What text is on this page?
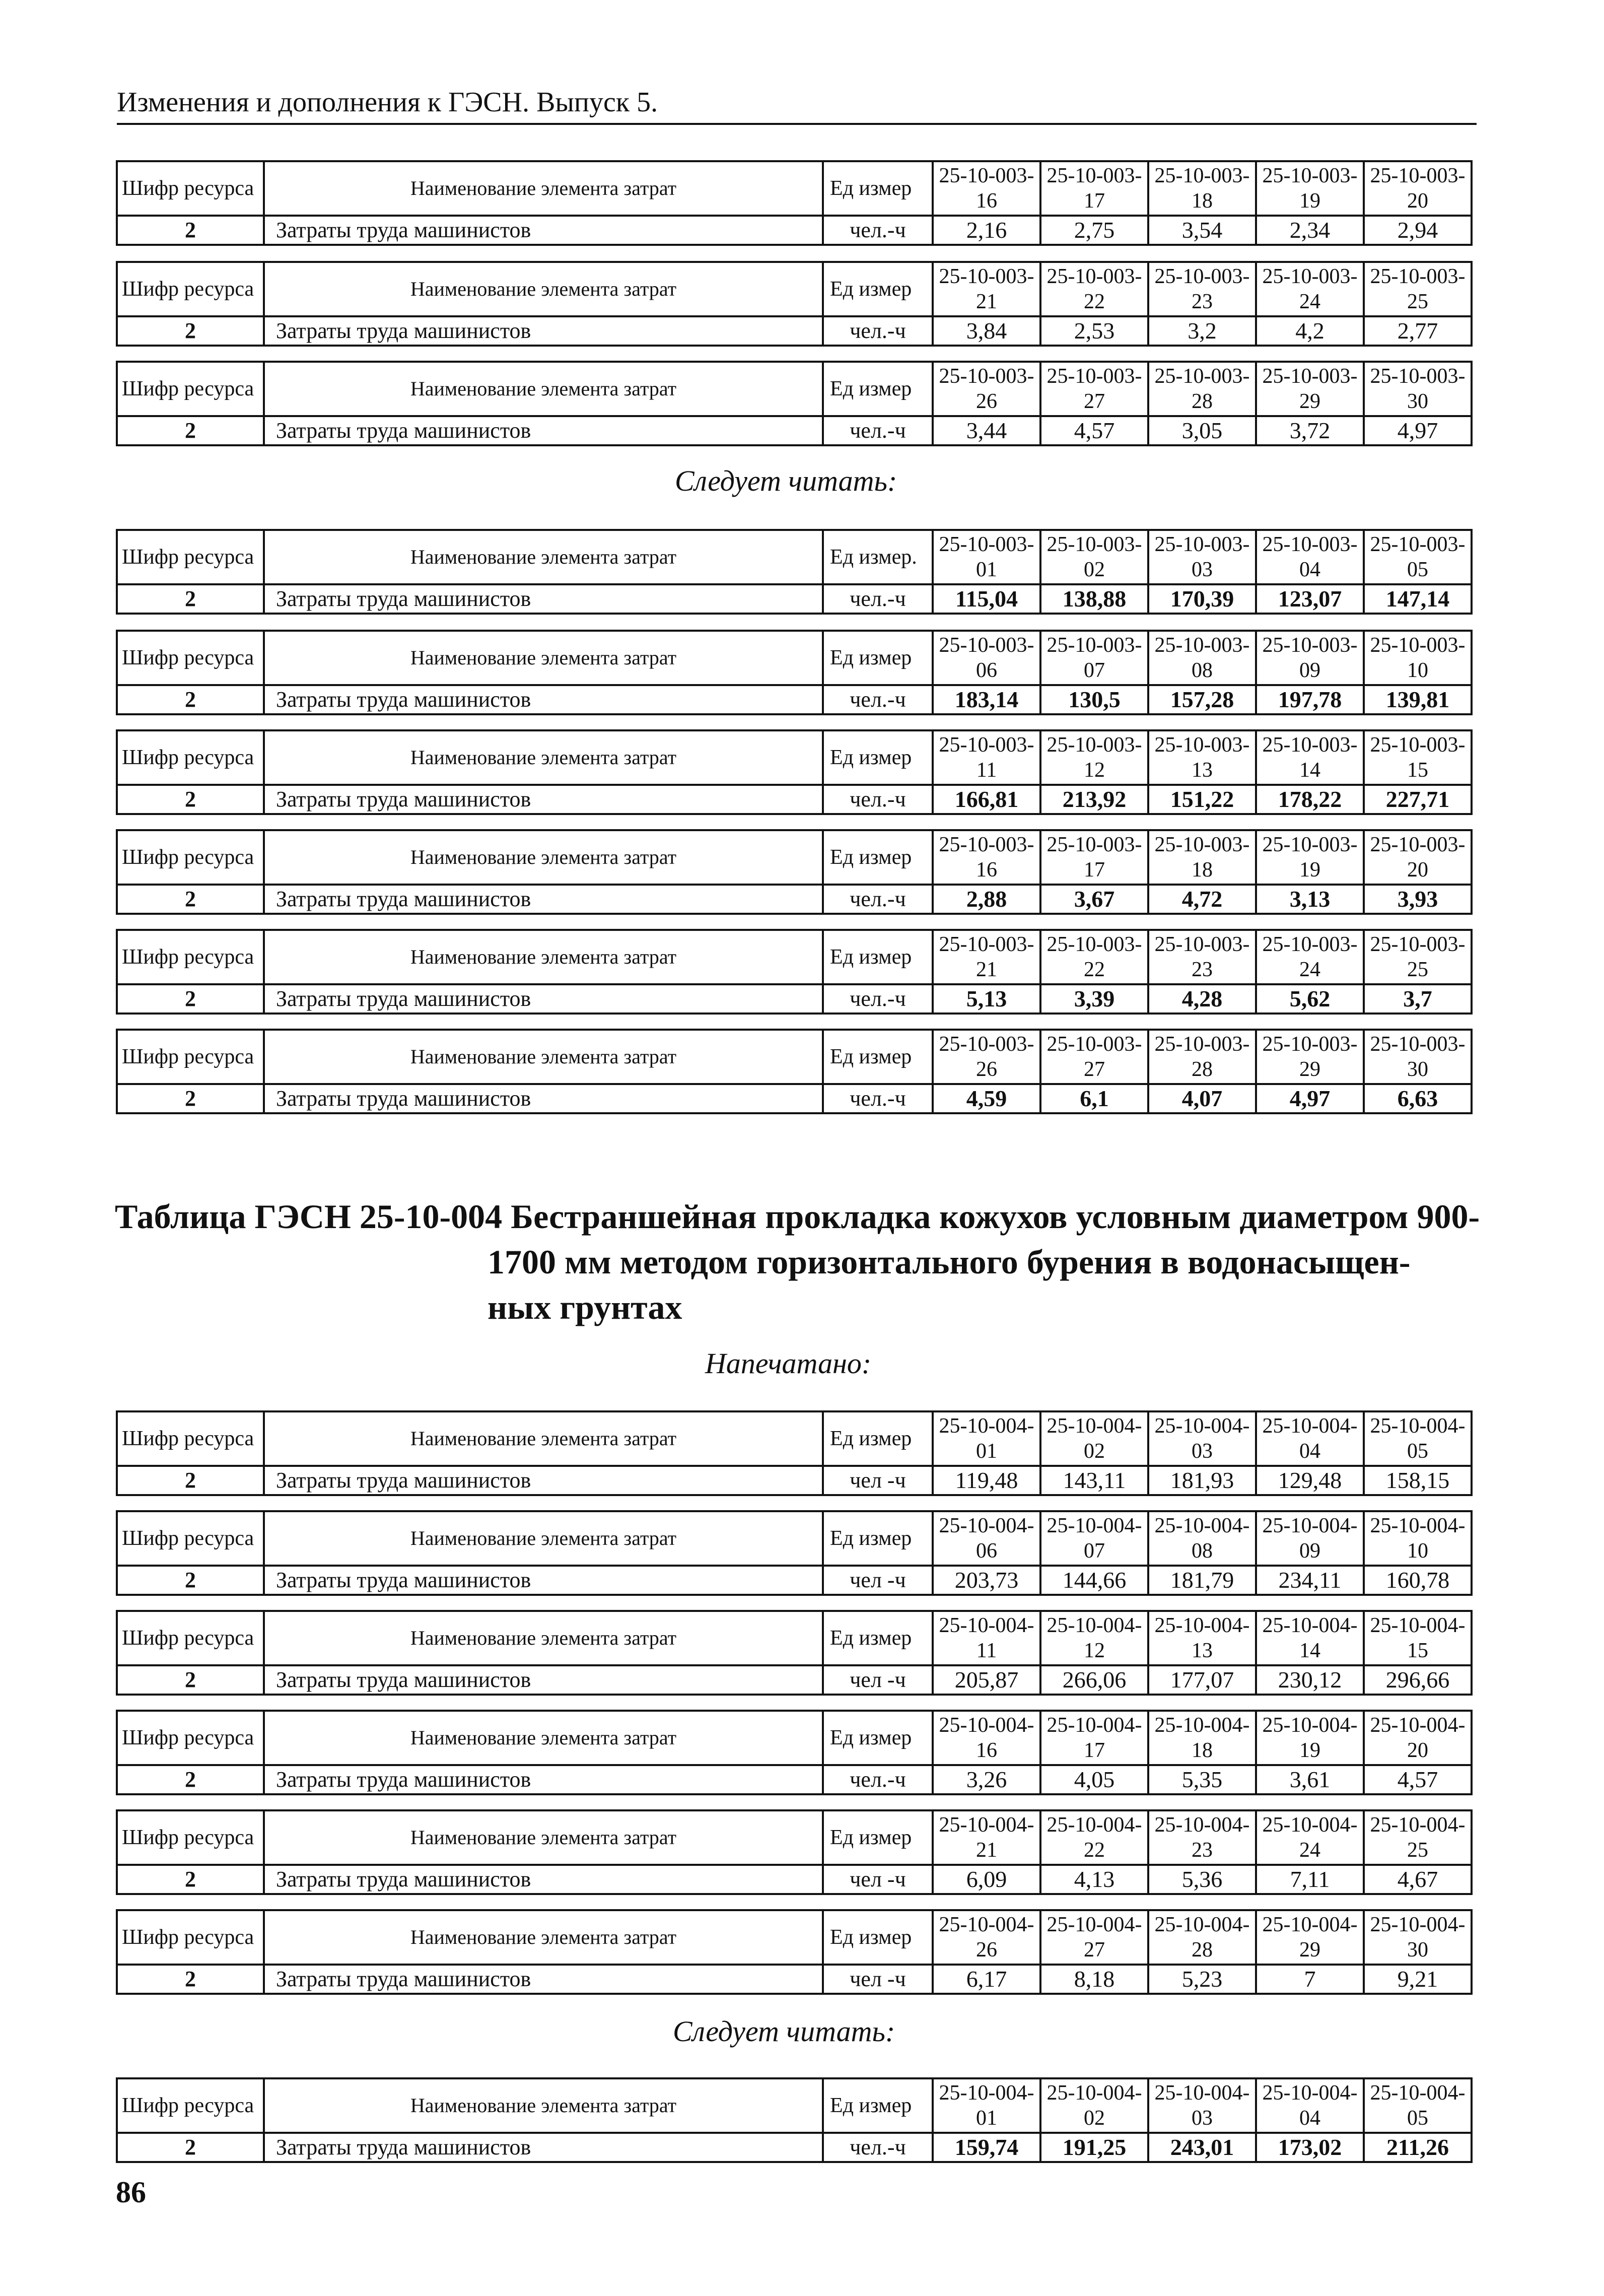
Изменения и дополнения к ГЭСН. Выпуск 5.
Шифр ресурса	Наименование элемента затрат	Ед измер	25-10-003-16	25-10-003-17	25-10-003-18	25-10-003-19	25-10-003-20
2	Затраты труда машинистов	чел.-ч	2,16	2,75	3,54	2,34	2,94
Шифр ресурса	Наименование элемента затрат	Ед измер	25-10-003-21	25-10-003-22	25-10-003-23	25-10-003-24	25-10-003-25
2	Затраты труда машинистов	чел.-ч	3,84	2,53	3,2	4,2	2,77
Шифр ресурса	Наименование элемента затрат	Ед измер	25-10-003-26	25-10-003-27	25-10-003-28	25-10-003-29	25-10-003-30
2	Затраты труда машинистов	чел.-ч	3,44	4,57	3,05	3,72	4,97
Следует читать:
Шифр ресурса	Наименование элемента затрат	Ед измер.	25-10-003-01	25-10-003-02	25-10-003-03	25-10-003-04	25-10-003-05
2	Затраты труда машинистов	чел.-ч	115,04	138,88	170,39	123,07	147,14
Шифр ресурса	Наименование элемента затрат	Ед измер	25-10-003-06	25-10-003-07	25-10-003-08	25-10-003-09	25-10-003-10
2	Затраты труда машинистов	чел.-ч	183,14	130,5	157,28	197,78	139,81
Шифр ресурса	Наименование элемента затрат	Ед измер	25-10-003-11	25-10-003-12	25-10-003-13	25-10-003-14	25-10-003-15
2	Затраты труда машинистов	чел.-ч	166,81	213,92	151,22	178,22	227,71
Шифр ресурса	Наименование элемента затрат	Ед измер	25-10-003-16	25-10-003-17	25-10-003-18	25-10-003-19	25-10-003-20
2	Затраты труда машинистов	чел.-ч	2,88	3,67	4,72	3,13	3,93
Шифр ресурса	Наименование элемента затрат	Ед измер	25-10-003-21	25-10-003-22	25-10-003-23	25-10-003-24	25-10-003-25
2	Затраты труда машинистов	чел.-ч	5,13	3,39	4,28	5,62	3,7
Шифр ресурса	Наименование элемента затрат	Ед измер	25-10-003-26	25-10-003-27	25-10-003-28	25-10-003-29	25-10-003-30
2	Затраты труда машинистов	чел.-ч	4,59	6,1	4,07	4,97	6,63
Таблица ГЭСН 25-10-004 Бестраншейная прокладка кожухов условным диаметром 900-
1700 мм методом горизонтального бурения в водонасыщен-
ных грунтах
Напечатано:
Шифр ресурса	Наименование элемента затрат	Ед измер	25-10-004-01	25-10-004-02	25-10-004-03	25-10-004-04	25-10-004-05
2	Затраты труда машинистов	чел -ч	119,48	143,11	181,93	129,48	158,15
Шифр ресурса	Наименование элемента затрат	Ед измер	25-10-004-06	25-10-004-07	25-10-004-08	25-10-004-09	25-10-004-10
2	Затраты труда машинистов	чел -ч	203,73	144,66	181,79	234,11	160,78
Шифр ресурса	Наименование элемента затрат	Ед измер	25-10-004-11	25-10-004-12	25-10-004-13	25-10-004-14	25-10-004-15
2	Затраты труда машинистов	чел -ч	205,87	266,06	177,07	230,12	296,66
Шифр ресурса	Наименование элемента затрат	Ед измер	25-10-004-16	25-10-004-17	25-10-004-18	25-10-004-19	25-10-004-20
2	Затраты труда машинистов	чел.-ч	3,26	4,05	5,35	3,61	4,57
Шифр ресурса	Наименование элемента затрат	Ед измер	25-10-004-21	25-10-004-22	25-10-004-23	25-10-004-24	25-10-004-25
2	Затраты труда машинистов	чел -ч	6,09	4,13	5,36	7,11	4,67
Шифр ресурса	Наименование элемента затрат	Ед измер	25-10-004-26	25-10-004-27	25-10-004-28	25-10-004-29	25-10-004-30
2	Затраты труда машинистов	чел -ч	6,17	8,18	5,23	7	9,21
Следует читать:
Шифр ресурса	Наименование элемента затрат	Ед измер	25-10-004-01	25-10-004-02	25-10-004-03	25-10-004-04	25-10-004-05
2	Затраты труда машинистов	чел.-ч	159,74	191,25	243,01	173,02	211,26
86
